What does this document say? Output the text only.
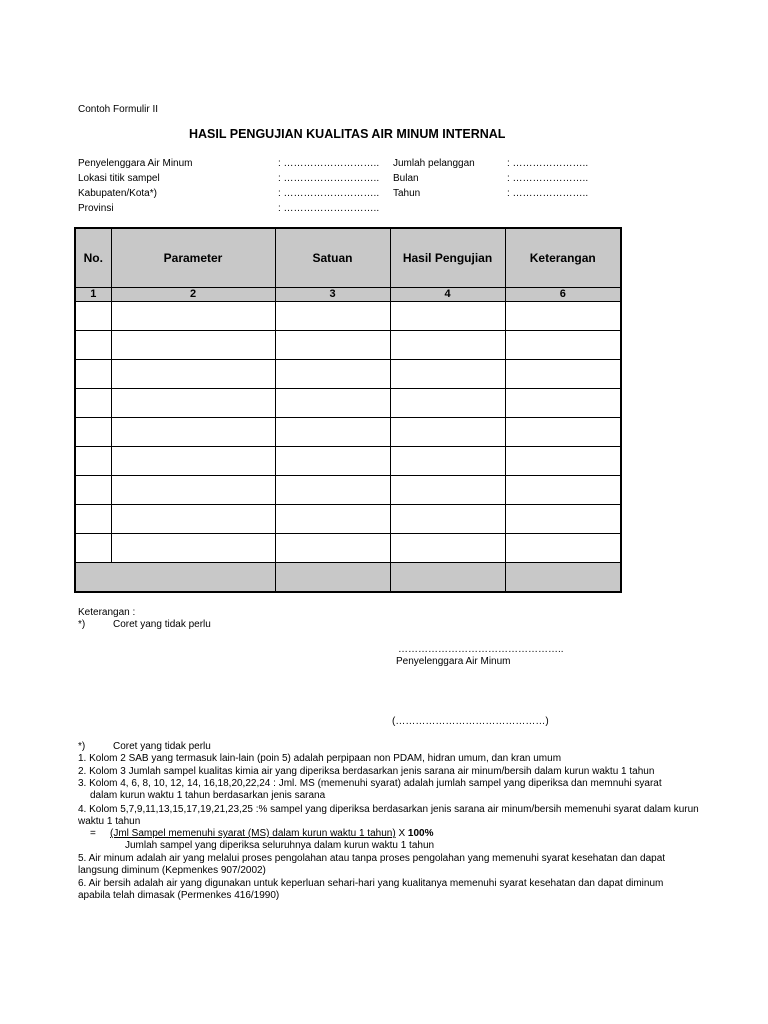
Contoh Formulir II
HASIL PENGUJIAN KUALITAS AIR MINUM INTERNAL
Penyelenggara Air Minum	: ………………………..
Lokasi titik sampel	: ………………………..
Kabupaten/Kota*)	: ………………………..
Provinsi	: ………………………..
Jumlah pelanggan	: …………………..
Bulan	: …………………..
Tahun	: …………………..
No.	Parameter	Satuan	Hasil Pengujian	Keterangan
1	2	3	4	6

Keterangan :
*)	Coret yang tidak perlu
…………………………………………..
Penyelenggara Air Minum
(………………………………………)
*)	Coret yang tidak perlu
1. Kolom 2 SAB yang termasuk lain-lain (poin 5) adalah perpipaan non PDAM, hidran umum, dan kran umum
2. Kolom 3 Jumlah sampel kualitas kimia air yang diperiksa berdasarkan jenis sarana air minum/bersih dalam kurun waktu 1 tahun
3. Kolom 4, 6, 8, 10, 12, 14, 16,18,20,22,24 : Jml. MS (memenuhi syarat) adalah jumlah sampel yang diperiksa dan memnuhi syarat
dalam kurun waktu 1 tahun berdasarkan jenis sarana
4. Kolom 5,7,9,11,13,15,17,19,21,23,25 :% sampel yang diperiksa berdasarkan jenis sarana air minum/bersih memenuhi syarat dalam kurun
waktu 1 tahun
= (Jml Sampel memenuhi syarat (MS) dalam kurun waktu 1 tahun) X 100%
Jumlah sampel yang diperiksa seluruhnya dalam kurun waktu 1 tahun
5. Air minum adalah air yang melalui proses pengolahan atau tanpa proses pengolahan yang memenuhi syarat kesehatan dan dapat
langsung diminum (Kepmenkes 907/2002)
6. Air bersih adalah air yang digunakan untuk keperluan sehari-hari yang kualitanya memenuhi syarat kesehatan dan dapat diminum
apabila telah dimasak (Permenkes 416/1990)
